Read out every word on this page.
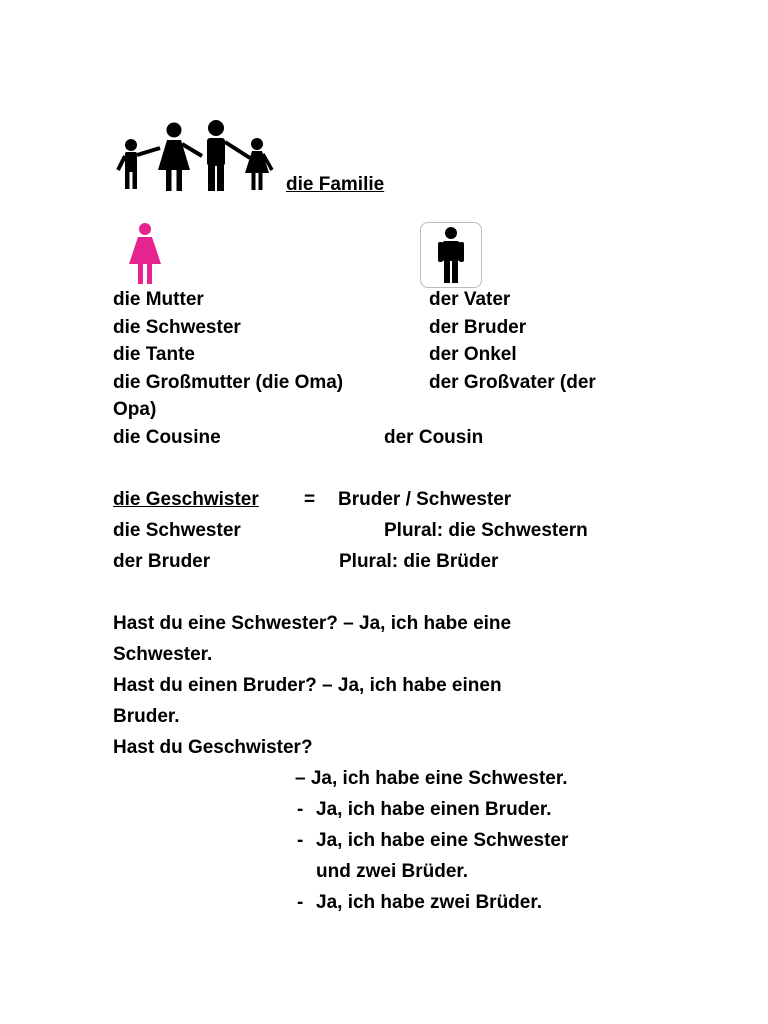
die Familie
die Mutter	der Vater
die Schwester	der Bruder
die Tante	der Onkel
die Großmutter (die Oma)	der Großvater (der
Opa)
die Cousine	der Cousin
die Geschwister = Bruder / Schwester
die Schwester	Plural: die Schwestern
der Bruder	Plural: die Brüder
Hast du eine Schwester? – Ja, ich habe eine
Schwester.
Hast du einen Bruder? – Ja, ich habe einen
Bruder.
Hast du Geschwister?
– Ja, ich habe eine Schwester.
- Ja, ich habe einen Bruder.
- Ja, ich habe eine Schwester
und zwei Brüder.
- Ja, ich habe zwei Brüder.
